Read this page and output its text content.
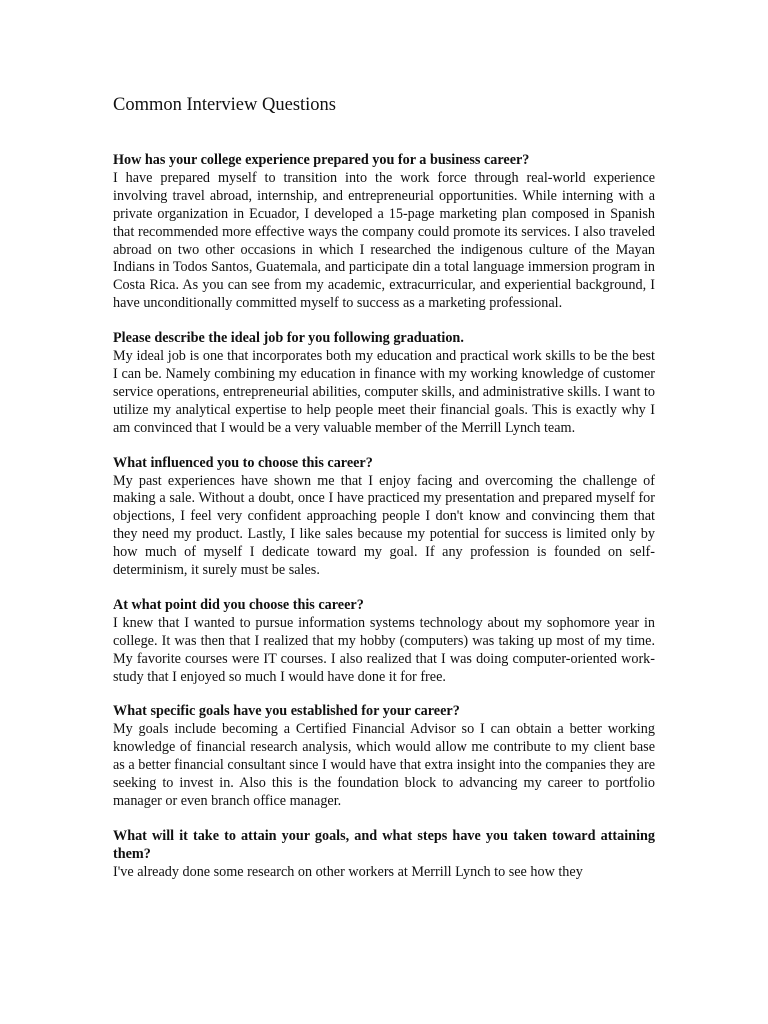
Common Interview Questions

How has your college experience prepared you for a business career?

I have prepared myself to transition into the work force through real-world experience involving travel abroad, internship, and entrepreneurial opportunities. While interning with a private organization in Ecuador, I developed a 15-page marketing plan composed in Spanish that recommended more effective ways the company could promote its services. I also traveled abroad on two other occasions in which I researched the indigenous culture of the Mayan Indians in Todos Santos, Guatemala, and participate din a total language immersion program in Costa Rica. As you can see from my academic, extracurricular, and experiential background, I have unconditionally committed myself to success as a marketing professional.

Please describe the ideal job for you following graduation.

My ideal job is one that incorporates both my education and practical work skills to be the best I can be. Namely combining my education in finance with my working knowledge of customer service operations, entrepreneurial abilities, computer skills, and administrative skills. I want to utilize my analytical expertise to help people meet their financial goals. This is exactly why I am convinced that I would be a very valuable member of the Merrill Lynch team.

What influenced you to choose this career?

My past experiences have shown me that I enjoy facing and overcoming the challenge of making a sale. Without a doubt, once I have practiced my presentation and prepared myself for objections, I feel very confident approaching people I don't know and convincing them that they need my product. Lastly, I like sales because my potential for success is limited only by how much of myself I dedicate toward my goal. If any profession is founded on self-determinism, it surely must be sales.

At what point did you choose this career?

I knew that I wanted to pursue information systems technology about my sophomore year in college. It was then that I realized that my hobby (computers) was taking up most of my time. My favorite courses were IT courses. I also realized that I was doing computer-oriented work-study that I enjoyed so much I would have done it for free.

What specific goals have you established for your career?

My goals include becoming a Certified Financial Advisor so I can obtain a better working knowledge of financial research analysis, which would allow me contribute to my client base as a better financial consultant since I would have that extra insight into the companies they are seeking to invest in. Also this is the foundation block to advancing my career to portfolio manager or even branch office manager.

What will it take to attain your goals, and what steps have you taken toward attaining them?

I've already done some research on other workers at Merrill Lynch to see how they
